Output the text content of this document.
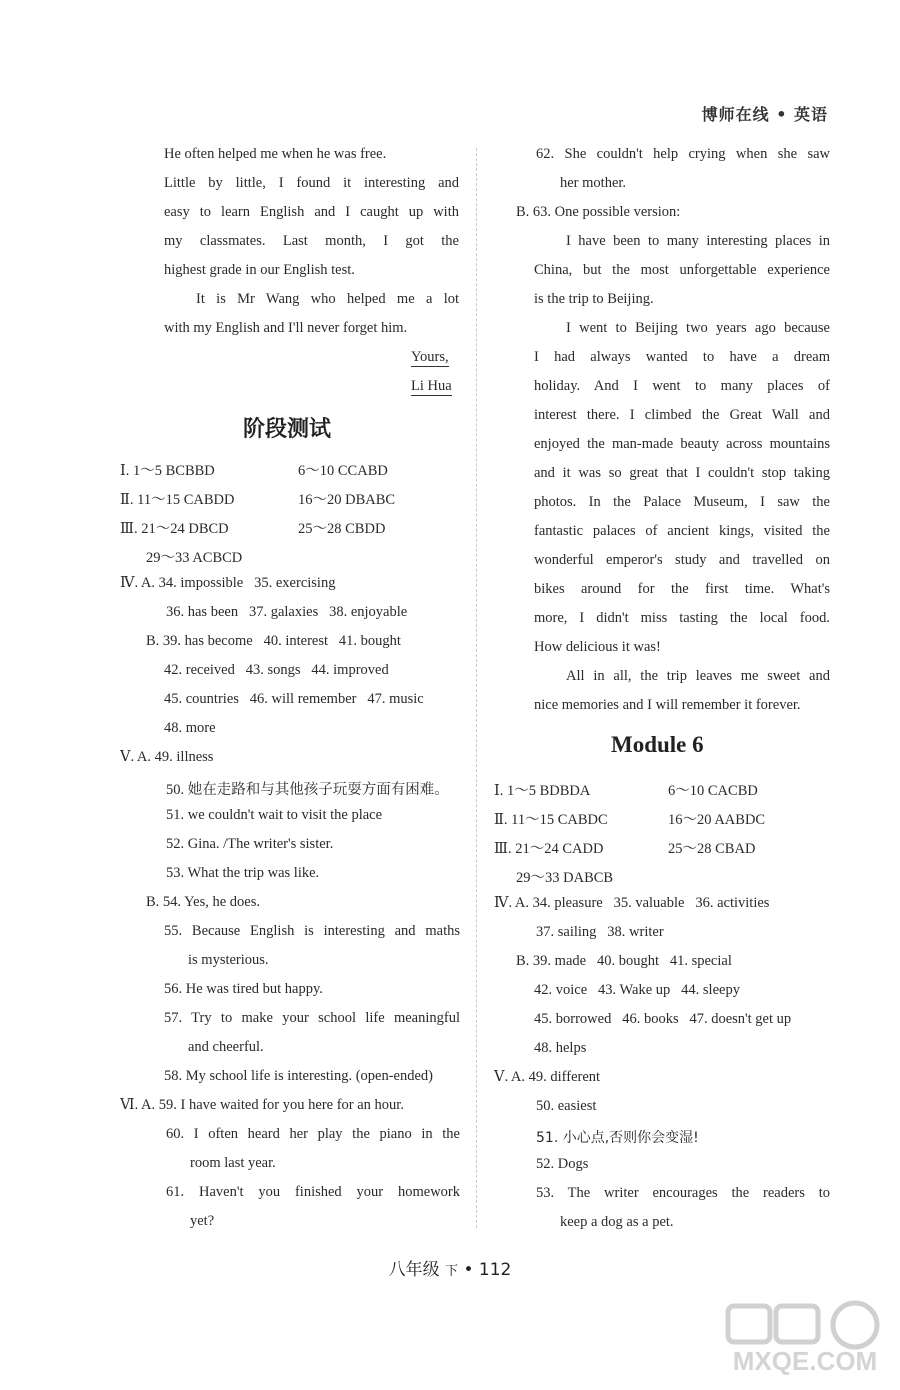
博师在线 • 英语
He often helped me when he was free.
Little by little, I found it interesting and
easy to learn English and I caught up with
my classmates. Last month, I got the
highest grade in our English test.
It is Mr Wang who helped me a lot
with my English and I'll never forget him.
Yours,
Li Hua
阶段测试
Ⅰ. 1～5 BCBBD	6～10 CCABD
Ⅱ. 11～15 CABDD	16～20 DBABC
Ⅲ. 21～24 DBCD	25～28 CBDD
29～33 ACBCD
Ⅳ. A. 34. impossible   35. exercising
36. has been   37. galaxies   38. enjoyable
B. 39. has become   40. interest   41. bought
42. received   43. songs   44. improved
45. countries   46. will remember   47. music
48. more
Ⅴ. A. 49. illness
50. 她在走路和与其他孩子玩耍方面有困难。
51. we couldn't wait to visit the place
52. Gina. /The writer's sister.
53. What the trip was like.
B. 54. Yes, he does.
55. Because English is interesting and maths
is mysterious.
56. He was tired but happy.
57. Try to make your school life meaningful
and cheerful.
58. My school life is interesting. (open-ended)
Ⅵ. A. 59. I have waited for you here for an hour.
60. I often heard her play the piano in the
room last year.
61. Haven't you finished your homework
yet?
62. She couldn't help crying when she saw
her mother.
B. 63. One possible version:
I have been to many interesting places in
China, but the most unforgettable experience
is the trip to Beijing.
I went to Beijing two years ago because
I had always wanted to have a dream
holiday. And I went to many places of
interest there. I climbed the Great Wall and
enjoyed the man-made beauty across mountains
and it was so great that I couldn't stop taking
photos. In the Palace Museum, I saw the
fantastic palaces of ancient kings, visited the
wonderful emperor's study and travelled on
bikes around for the first time. What's
more, I didn't miss tasting the local food.
How delicious it was!
All in all, the trip leaves me sweet and
nice memories and I will remember it forever.
Module 6
Ⅰ. 1～5 BDBDA	6～10 CACBD
Ⅱ. 11～15 CABDC	16～20 AABDC
Ⅲ. 21～24 CADD	25～28 CBAD
29～33 DABCB
Ⅳ. A. 34. pleasure   35. valuable   36. activities
37. sailing   38. writer
B. 39. made   40. bought   41. special
42. voice   43. Wake up   44. sleepy
45. borrowed   46. books   47. doesn't get up
48. helps
Ⅴ. A. 49. different
50. easiest
51. 小心点,否则你会变湿!
52. Dogs
53. The writer encourages the readers to
keep a dog as a pet.
八年级 下 • 112
MXQE.COM
